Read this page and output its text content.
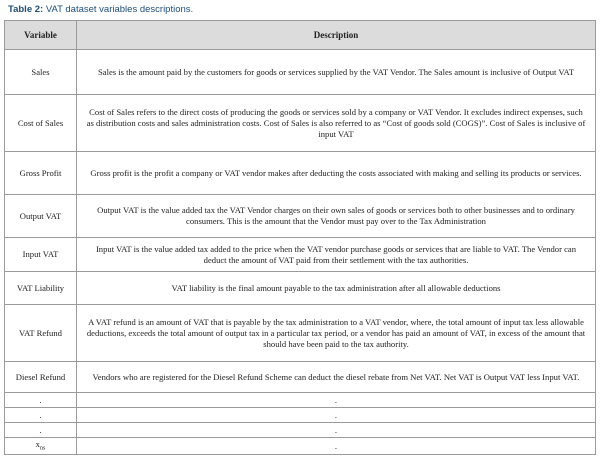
Table 2: VAT dataset variables descriptions.
Variable	Description
Sales	Sales is the amount paid by the customers for goods or services supplied by the VAT Vendor. The Sales amount is inclusive of Output VAT
Cost of Sales	Cost of Sales refers to the direct costs of producing the goods or services sold by a company or VAT Vendor. It excludes indirect expenses, such as distribution costs and sales administration costs. Cost of Sales is also referred to as “Cost of goods sold (COGS)”. Cost of Sales is inclusive of input VAT
Gross Profit	Gross profit is the profit a company or VAT vendor makes after deducting the costs associated with making and selling its products or services.
Output VAT	Output VAT is the value added tax the VAT Vendor charges on their own sales of goods or services both to other businesses and to ordinary consumers. This is the amount that the Vendor must pay over to the Tax Administration
Input VAT	Input VAT is the value added tax added to the price when the VAT vendor purchase goods or services that are liable to VAT. The Vendor can deduct the amount of VAT paid from their settlement with the tax authorities.
VAT Liability	VAT liability is the final amount payable to the tax administration after all allowable deductions
VAT Refund	A VAT refund is an amount of VAT that is payable by the tax administration to a VAT vendor, where, the total amount of input tax less allowable deductions, exceeds the total amount of output tax in a particular tax period, or a vendor has paid an amount of VAT, in excess of the amount that should have been paid to the tax authority.
Diesel Refund	Vendors who are registered for the Diesel Refund Scheme can deduct the diesel rebate from Net VAT. Net VAT is Output VAT less Input VAT.
.	.
.	.
.	.
$x_{ns}$	.
